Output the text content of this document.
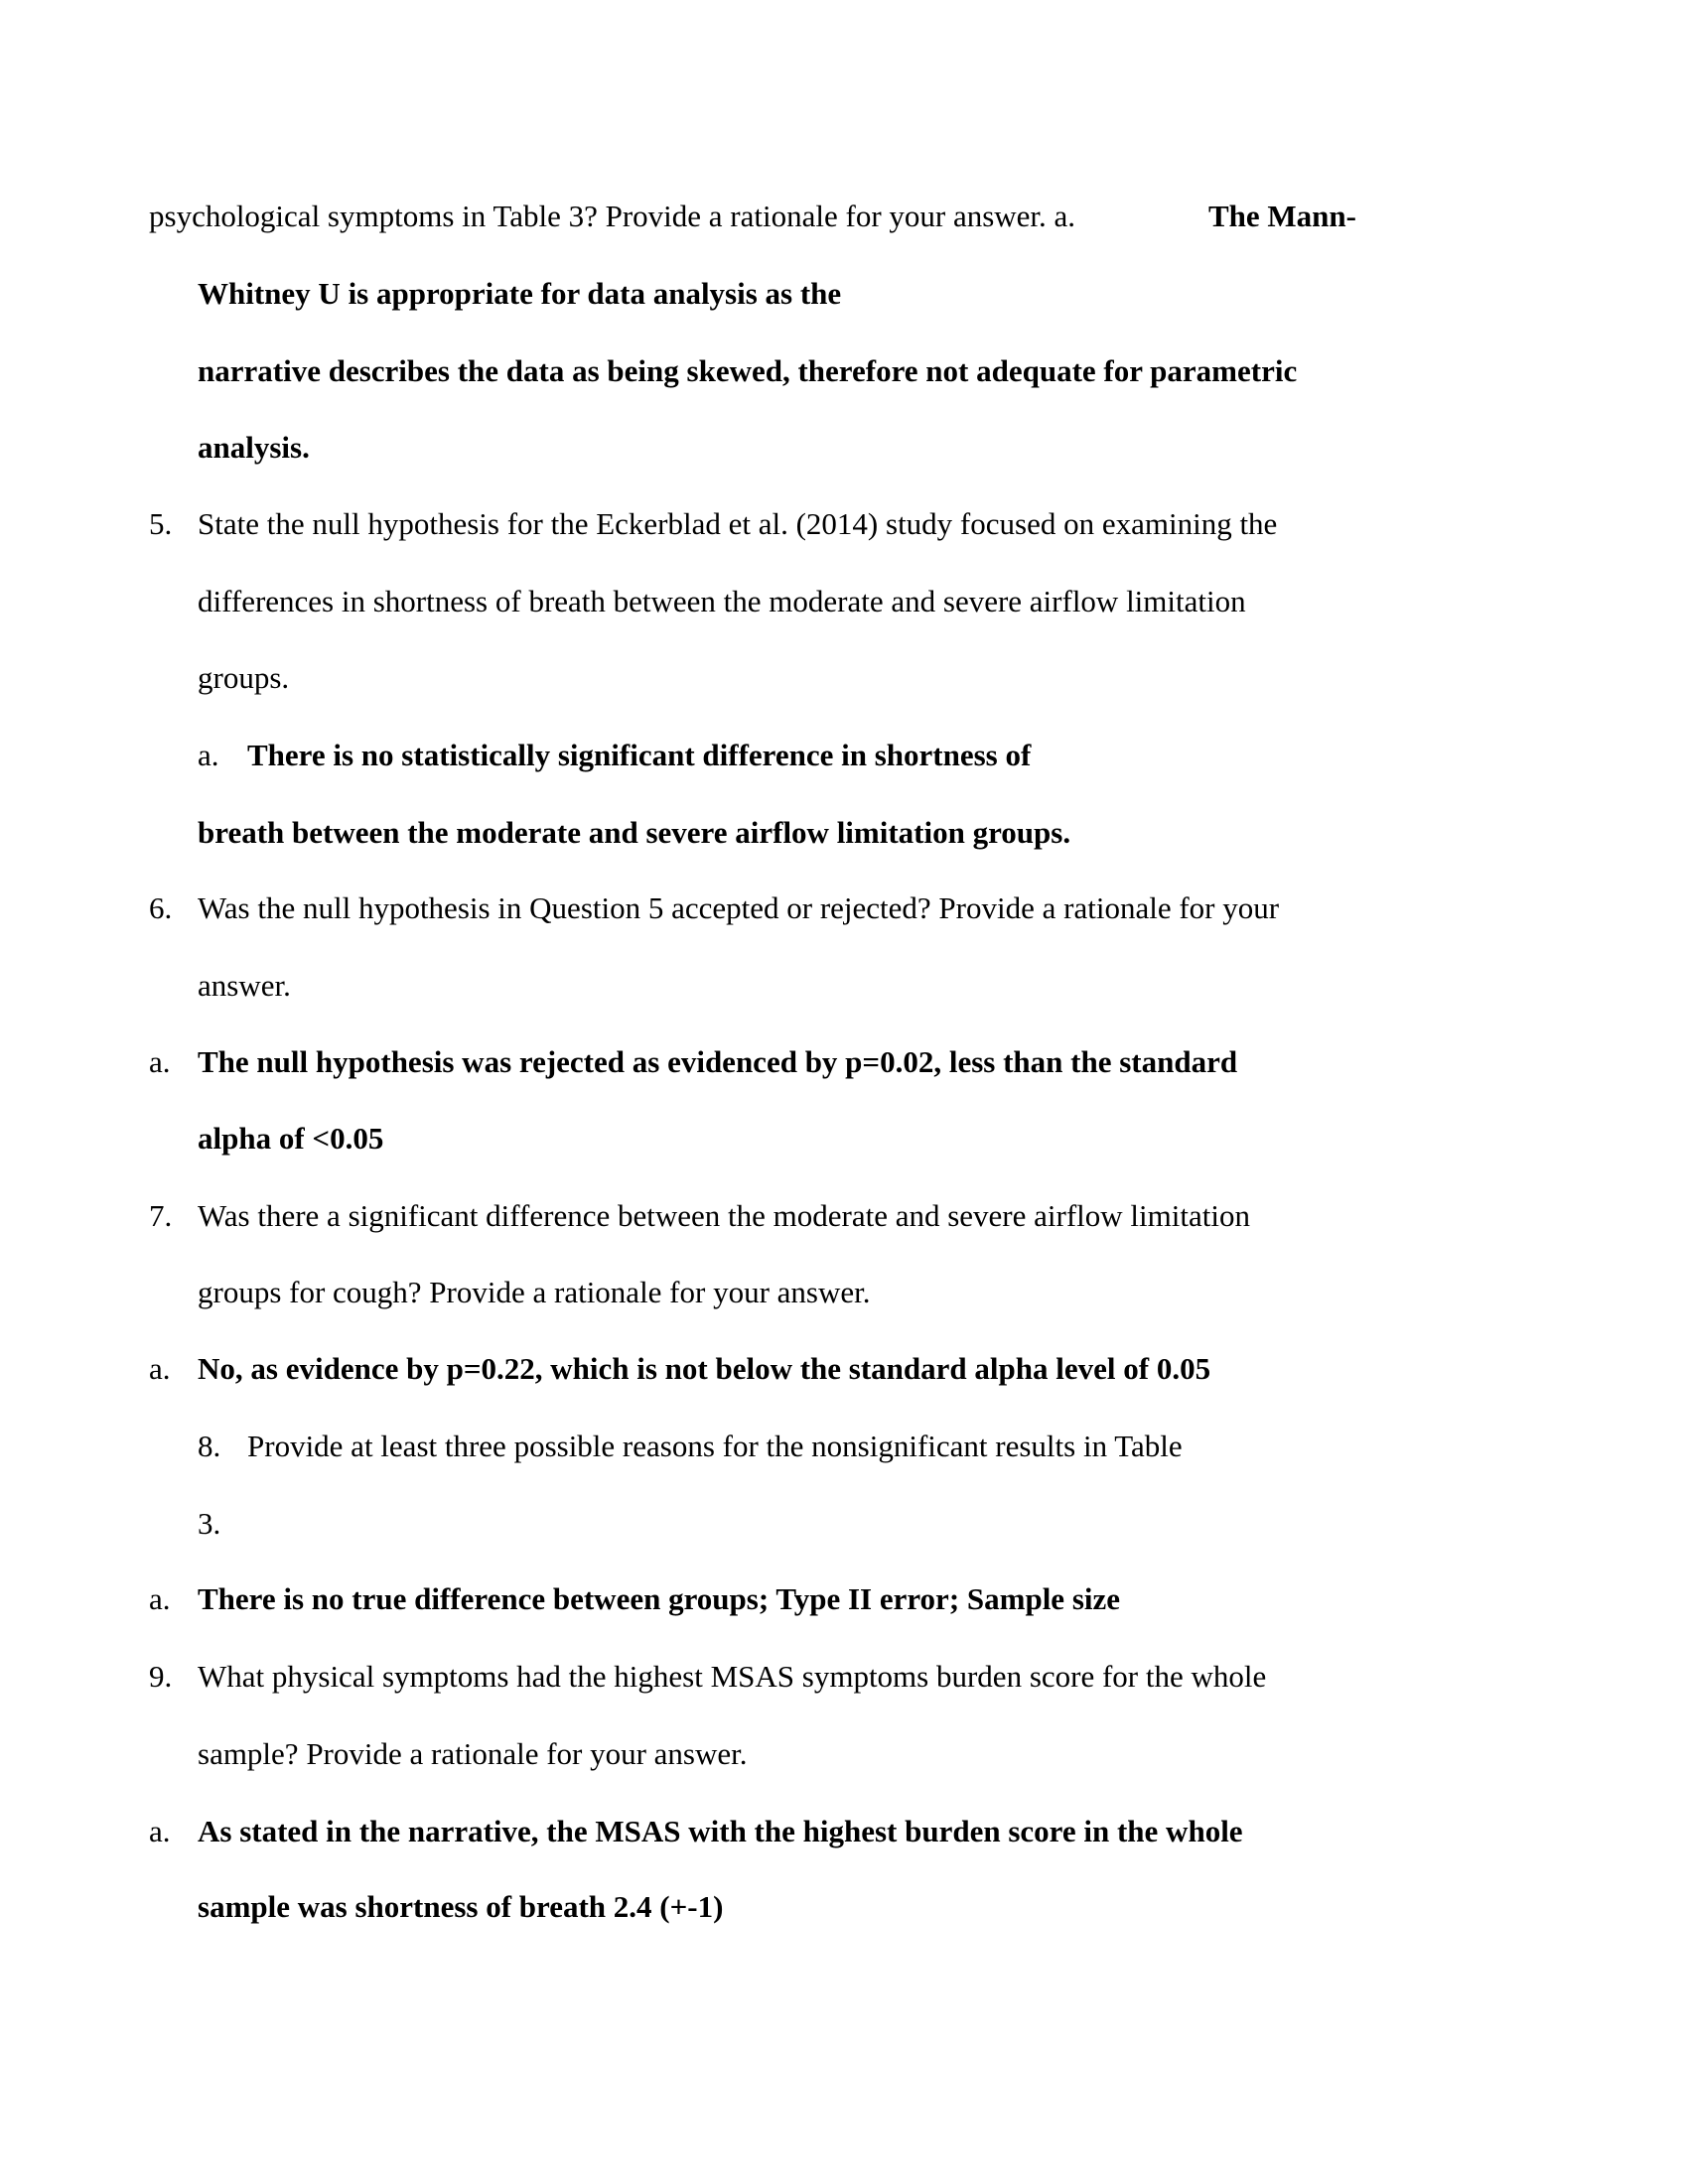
psychological symptoms in Table 3? Provide a rationale for your answer. a.	The Mann-
Whitney U is appropriate for data analysis as the
narrative describes the data as being skewed, therefore not adequate for parametric
analysis.
5. State the null hypothesis for the Eckerblad et al. (2014) study focused on examining the
differences in shortness of breath between the moderate and severe airflow limitation
groups.
a. There is no statistically significant difference in shortness of
breath between the moderate and severe airflow limitation groups.
6. Was the null hypothesis in Question 5 accepted or rejected? Provide a rationale for your
answer.
a. The null hypothesis was rejected as evidenced by p=0.02, less than the standard
alpha of <0.05
7. Was there a significant difference between the moderate and severe airflow limitation
groups for cough? Provide a rationale for your answer.
a. No, as evidence by p=0.22, which is not below the standard alpha level of 0.05
8. Provide at least three possible reasons for the nonsignificant results in Table
3.
a. There is no true difference between groups; Type II error; Sample size
9. What physical symptoms had the highest MSAS symptoms burden score for the whole
sample? Provide a rationale for your answer.
a. As stated in the narrative, the MSAS with the highest burden score in the whole
sample was shortness of breath 2.4 (+-1)
